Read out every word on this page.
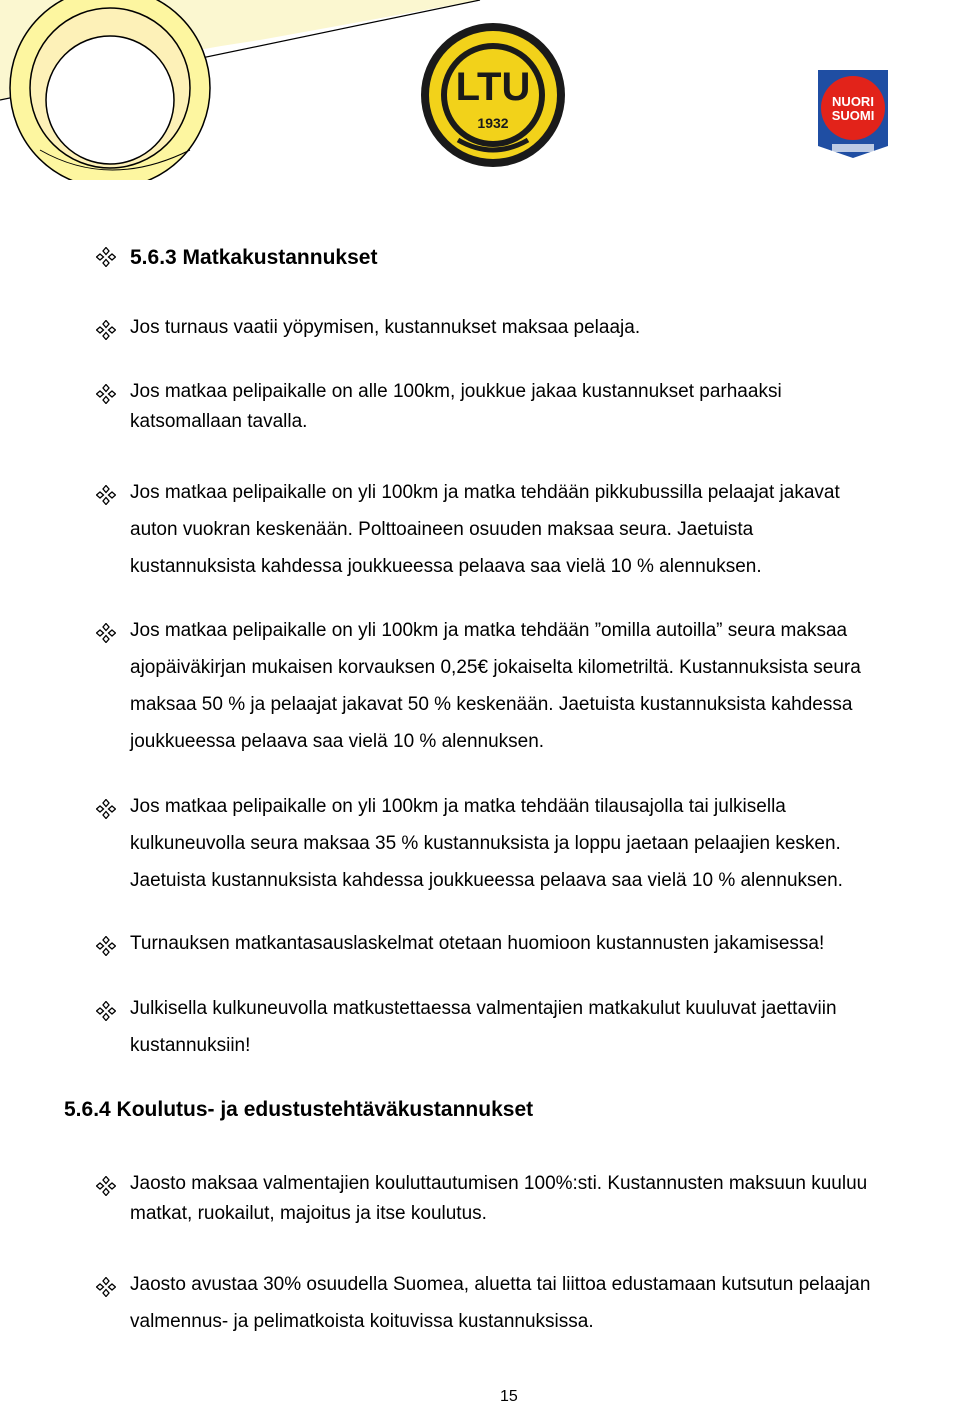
LTU
1932
NUORI
SUOMI
5.6.3 Matkakustannukset
Jos turnaus vaatii yöpymisen, kustannukset maksaa pelaaja.
Jos matkaa pelipaikalle on alle 100km, joukkue jakaa kustannukset parhaaksi
katsomallaan tavalla.
Jos matkaa pelipaikalle on yli 100km ja matka tehdään pikkubussilla pelaajat jakavat
auton vuokran keskenään. Polttoaineen osuuden maksaa seura. Jaetuista
kustannuksista kahdessa joukkueessa pelaava saa vielä 10 % alennuksen.
Jos matkaa pelipaikalle on yli 100km ja matka tehdään ”omilla autoilla” seura maksaa
ajopäiväkirjan mukaisen korvauksen 0,25€ jokaiselta kilometriltä. Kustannuksista seura
maksaa 50 % ja pelaajat jakavat 50 % keskenään. Jaetuista kustannuksista kahdessa
joukkueessa pelaava saa vielä 10 % alennuksen.
Jos matkaa pelipaikalle on yli 100km ja matka tehdään tilausajolla tai julkisella
kulkuneuvolla seura maksaa 35 % kustannuksista ja loppu jaetaan pelaajien kesken.
Jaetuista kustannuksista kahdessa joukkueessa pelaava saa vielä 10 % alennuksen.
Turnauksen matkantasauslaskelmat otetaan huomioon kustannusten jakamisessa!
Julkisella kulkuneuvolla matkustettaessa valmentajien matkakulut kuuluvat jaettaviin
kustannuksiin!
5.6.4 Koulutus- ja edustustehtäväkustannukset
Jaosto maksaa valmentajien kouluttautumisen 100%:sti. Kustannusten maksuun kuuluu
matkat, ruokailut, majoitus ja itse koulutus.
Jaosto avustaa 30% osuudella Suomea, aluetta tai liittoa edustamaan kutsutun pelaajan
valmennus- ja pelimatkoista koituvissa kustannuksissa.
15
